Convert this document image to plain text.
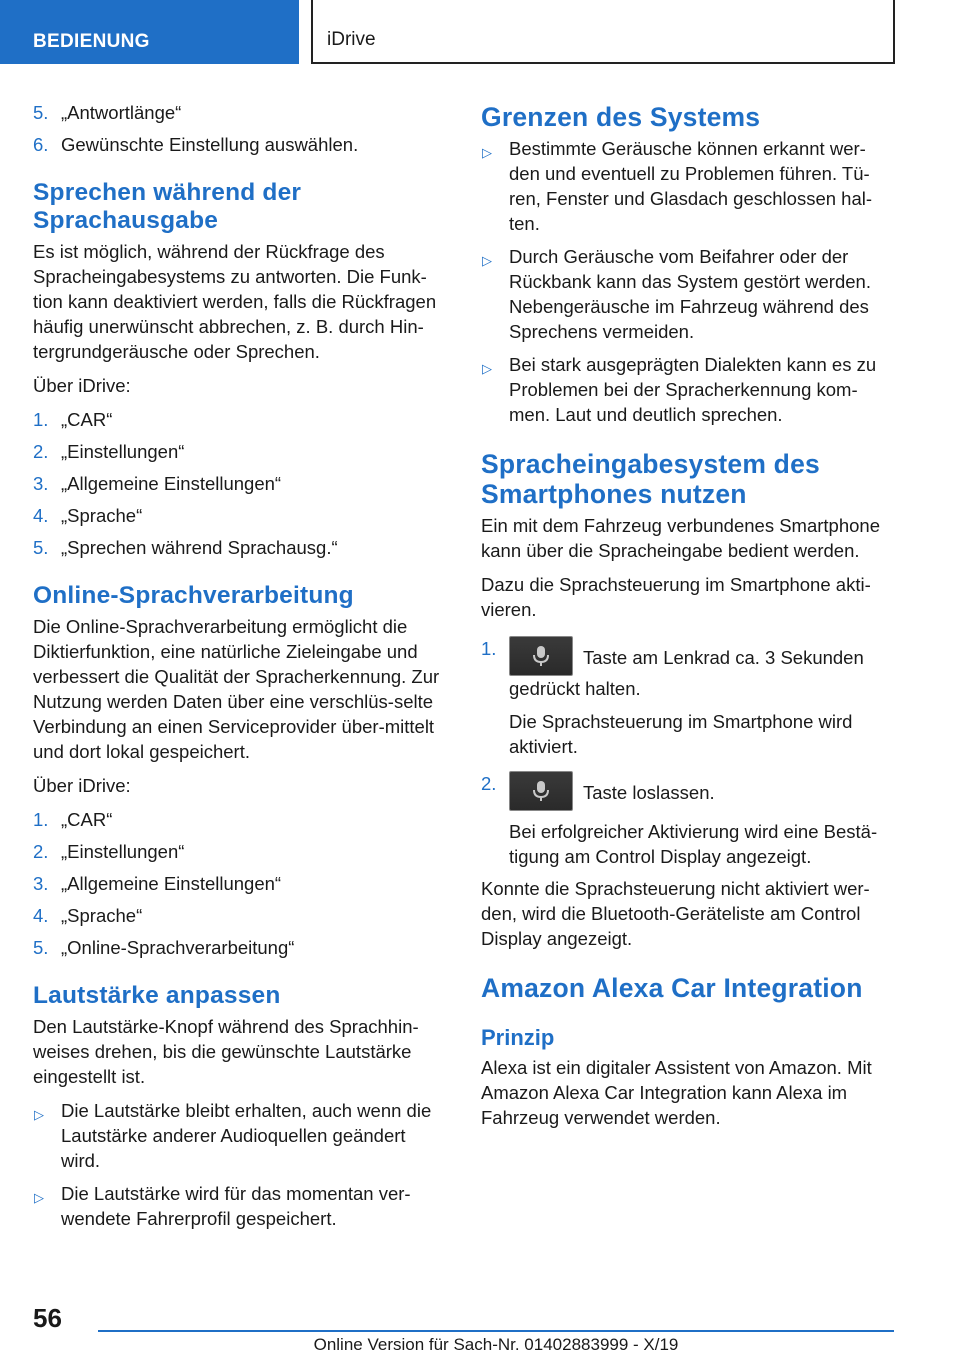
BEDIENUNG	iDrive
5. „Antwortlänge“
6. Gewünschte Einstellung auswählen.
Sprechen während der Sprachausgabe

Es ist möglich, während der Rückfrage des Spracheingabesystems zu antworten. Die Funk‐tion kann deaktiviert werden, falls die Rückfragen häufig unerwünscht abbrechen, z. B. durch Hin‐tergrundgeräusche oder Sprechen.

Über iDrive:

1. „CAR“
2. „Einstellungen“
3. „Allgemeine Einstellungen“
4. „Sprache“
5. „Sprechen während Sprachausg.“
Online-Sprachverarbeitung

Die Online-Sprachverarbeitung ermöglicht die Diktierfunktion, eine natürliche Zieleingabe und verbessert die Qualität der Spracherkennung. Zur Nutzung werden Daten über eine verschlüs‐selte Verbindung an einen Serviceprovider über‐mittelt und dort lokal gespeichert.

Über iDrive:

1. „CAR“
2. „Einstellungen“
3. „Allgemeine Einstellungen“
4. „Sprache“
5. „Online-Sprachverarbeitung“
Lautstärke anpassen

Den Lautstärke-Knopf während des Sprachhin‐weises drehen, bis die gewünschte Lautstärke eingestellt ist.

▷ Die Lautstärke bleibt erhalten, auch wenn die Lautstärke anderer Audioquellen geändert wird.
▷ Die Lautstärke wird für das momentan ver‐wendete Fahrerprofil gespeichert.
Grenzen des Systems
▷ Bestimmte Geräusche können erkannt wer‐den und eventuell zu Problemen führen. Tü‐ren, Fenster und Glasdach geschlossen hal‐ten.
▷ Durch Geräusche vom Beifahrer oder der Rückbank kann das System gestört werden. Nebengeräusche im Fahrzeug während des Sprechens vermeiden.
▷ Bei stark ausgeprägten Dialekten kann es zu Problemen bei der Spracherkennung kom‐men. Laut und deutlich sprechen.
Spracheingabesystem des Smartphones nutzen

Ein mit dem Fahrzeug verbundenes Smartphone kann über die Spracheingabe bedient werden.

Dazu die Sprachsteuerung im Smartphone akti‐vieren.

1.	Taste am Lenkrad ca. 3 Sekunden gedrückt halten.
Die Sprachsteuerung im Smartphone wird aktiviert.
2.	Taste loslassen.
Bei erfolgreicher Aktivierung wird eine Bestä‐tigung am Control Display angezeigt.

Konnte die Sprachsteuerung nicht aktiviert wer‐den, wird die Bluetooth-Geräteliste am Control Display angezeigt.

Amazon Alexa Car Integration
Prinzip

Alexa ist ein digitaler Assistent von Amazon. Mit Amazon Alexa Car Integration kann Alexa im Fahrzeug verwendet werden.

56
Online Version für Sach-Nr. 01402883999 - X/19
